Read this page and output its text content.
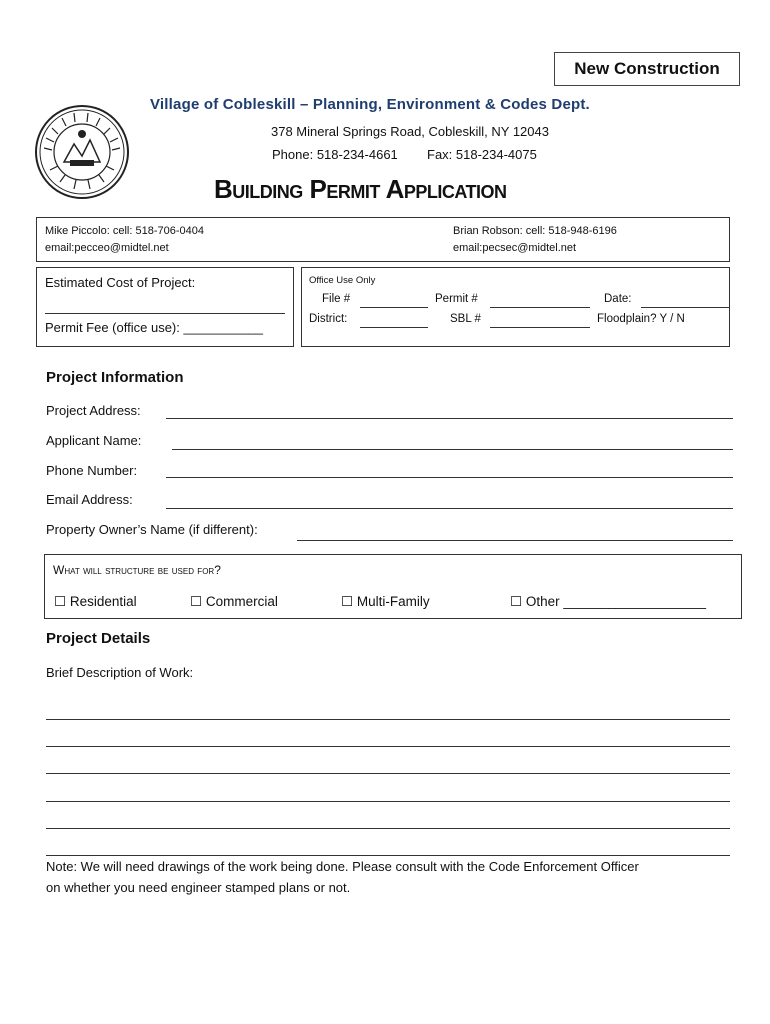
New Construction
Village of Cobleskill – Planning, Environment & Codes Dept.
378 Mineral Springs Road, Cobleskill, NY 12043
Phone: 518-234-4661 Fax: 518-234-4075
Building Permit Application
Mike Piccolo: cell: 518-706-0404
email:pecceo@midtel.net
Brian Robson: cell: 518-948-6196
email:pecsec@midtel.net
Estimated Cost of Project:
Permit Fee (office use): ___________
Office Use Only
File #	Permit #	Date:
District:	SBL #	Floodplain? Y / N
Project Information
Project Address:
Applicant Name:
Phone Number:
Email Address:
Property Owner’s Name (if different):
What will structure be used for?
☐ Residential	☐ Commercial	☐ Multi-Family	☐ Other ___________________
Project Details
Brief Description of Work:
Note: We will need drawings of the work being done. Please consult with the Code Enforcement Officer
on whether you need engineer stamped plans or not.
